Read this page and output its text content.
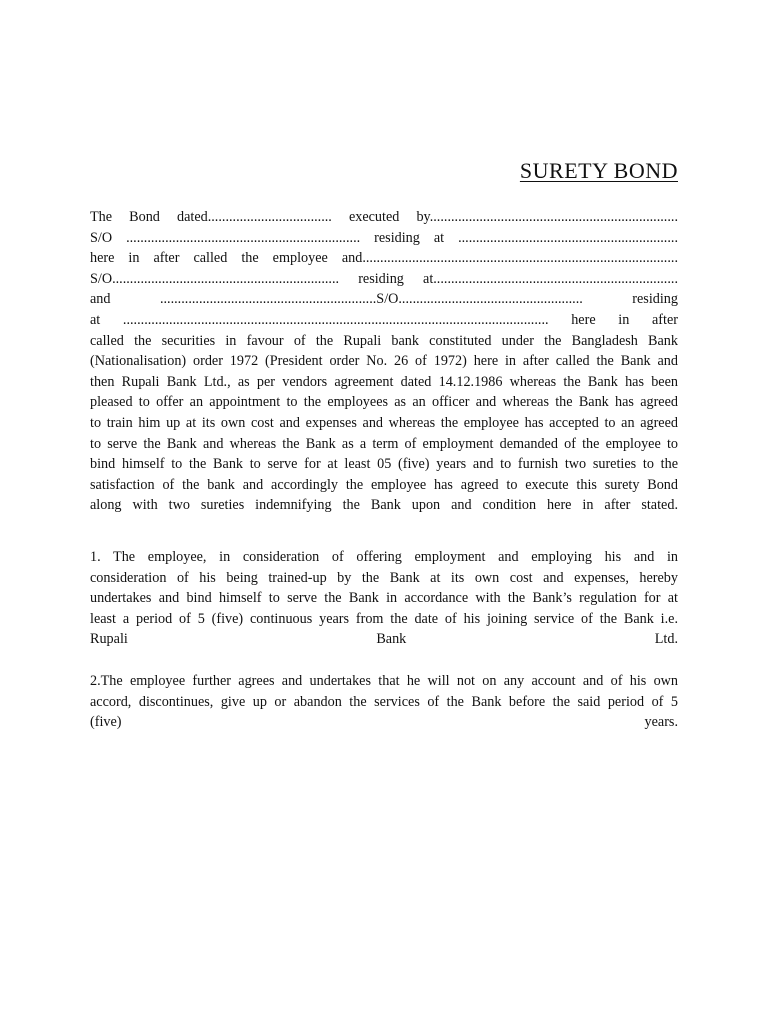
SURETY BOND
The Bond dated................................... executed by......................................................................
S/O .................................................................. residing at ..............................................................
here in after called the employee and.........................................................................................
S/O................................................................ residing at.....................................................................
and .............................................................S/O.................................................... residing
at ........................................................................................................................ here in after
called the securities in favour of the Rupali bank constituted under the Bangladesh Bank
(Nationalisation) order 1972 (President order No. 26 of 1972) here in after called the Bank and
then Rupali Bank Ltd., as per vendors agreement dated 14.12.1986 whereas the Bank has been
pleased to offer an appointment to the employees as an officer and whereas the Bank has agreed
to train him up at its own cost and expenses and whereas the employee has accepted to an agreed
to serve the Bank and whereas the Bank as a term of employment demanded of the employee to
bind himself to the Bank to serve for at least 05 (five) years and to furnish two sureties to the
satisfaction of the bank and accordingly the employee has agreed to execute this surety Bond
along with two sureties indemnifying the Bank upon and condition here in after stated.
1. The employee, in consideration of offering employment and employing his and in
consideration of his being trained-up by the Bank at its own cost and expenses, hereby
undertakes and bind himself to serve the Bank in accordance with the Bank’s regulation for at
least a period of 5 (five) continuous years from the date of his joining service of the Bank i.e.
Rupali Bank Ltd.
2.The employee further agrees and undertakes that he will not on any account and of his own
accord, discontinues, give up or abandon the services of the Bank before the said period of 5
(five) years.
